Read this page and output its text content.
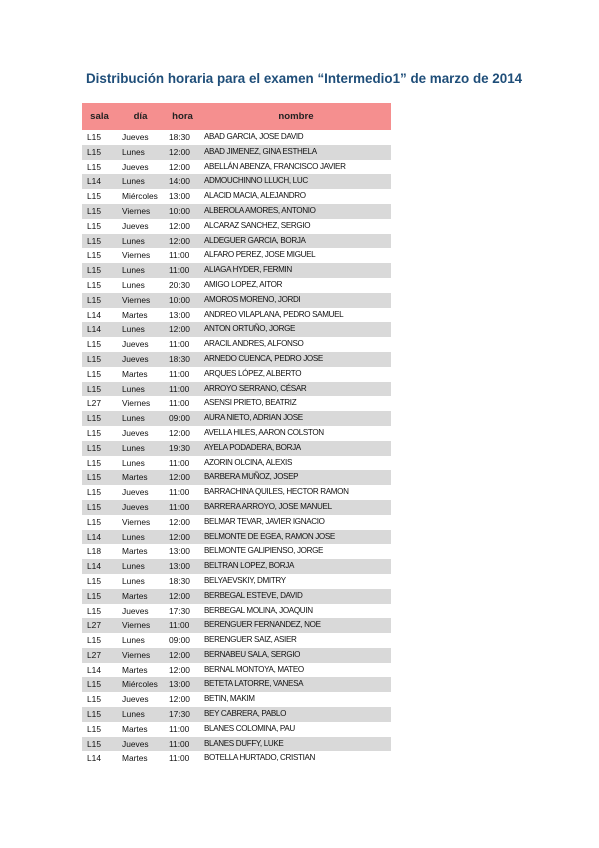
Distribución horaria para el examen “Intermedio1” de marzo de 2014
sala	día	hora	nombre
L15	Jueves	18:30	ABAD GARCIA, JOSE DAVID
L15	Lunes	12:00	ABAD JIMENEZ, GINA ESTHELA
L15	Jueves	12:00	ABELLÁN ABENZA, FRANCISCO JAVIER
L14	Lunes	14:00	ADMOUCHINNO LLUCH, LUC
L15	Miércoles	13:00	ALACID MACIA, ALEJANDRO
L15	Viernes	10:00	ALBEROLA AMORES, ANTONIO
L15	Jueves	12:00	ALCARAZ SANCHEZ, SERGIO
L15	Lunes	12:00	ALDEGUER GARCIA, BORJA
L15	Viernes	11:00	ALFARO PEREZ, JOSE MIGUEL
L15	Lunes	11:00	ALIAGA HYDER, FERMIN
L15	Lunes	20:30	AMIGO LOPEZ, AITOR
L15	Viernes	10:00	AMOROS MORENO, JORDI
L14	Martes	13:00	ANDREO VILAPLANA, PEDRO SAMUEL
L14	Lunes	12:00	ANTON ORTUÑO, JORGE
L15	Jueves	11:00	ARACIL ANDRES, ALFONSO
L15	Jueves	18:30	ARNEDO CUENCA, PEDRO JOSE
L15	Martes	11:00	ARQUES LÓPEZ, ALBERTO
L15	Lunes	11:00	ARROYO SERRANO, CÉSAR
L27	Viernes	11:00	ASENSI PRIETO, BEATRIZ
L15	Lunes	09:00	AURA NIETO, ADRIAN JOSE
L15	Jueves	12:00	AVELLA HILES, AARON COLSTON
L15	Lunes	19:30	AYELA PODADERA, BORJA
L15	Lunes	11:00	AZORIN OLCINA, ALEXIS
L15	Martes	12:00	BARBERA MUÑOZ, JOSEP
L15	Jueves	11:00	BARRACHINA QUILES, HECTOR RAMON
L15	Jueves	11:00	BARRERA ARROYO, JOSE MANUEL
L15	Viernes	12:00	BELMAR TEVAR, JAVIER IGNACIO
L14	Lunes	12:00	BELMONTE DE EGEA, RAMON JOSE
L18	Martes	13:00	BELMONTE GALIPIENSO, JORGE
L14	Lunes	13:00	BELTRAN LOPEZ, BORJA
L15	Lunes	18:30	BELYAEVSKIY, DMITRY
L15	Martes	12:00	BERBEGAL ESTEVE, DAVID
L15	Jueves	17:30	BERBEGAL MOLINA, JOAQUIN
L27	Viernes	11:00	BERENGUER FERNANDEZ, NOE
L15	Lunes	09:00	BERENGUER SAIZ, ASIER
L27	Viernes	12:00	BERNABEU SALA, SERGIO
L14	Martes	12:00	BERNAL MONTOYA, MATEO
L15	Miércoles	13:00	BETETA LATORRE, VANESA
L15	Jueves	12:00	BETIN, MAKIM
L15	Lunes	17:30	BEY CABRERA, PABLO
L15	Martes	11:00	BLANES COLOMINA, PAU
L15	Jueves	11:00	BLANES DUFFY, LUKE
L14	Martes	11:00	BOTELLA HURTADO, CRISTIAN
